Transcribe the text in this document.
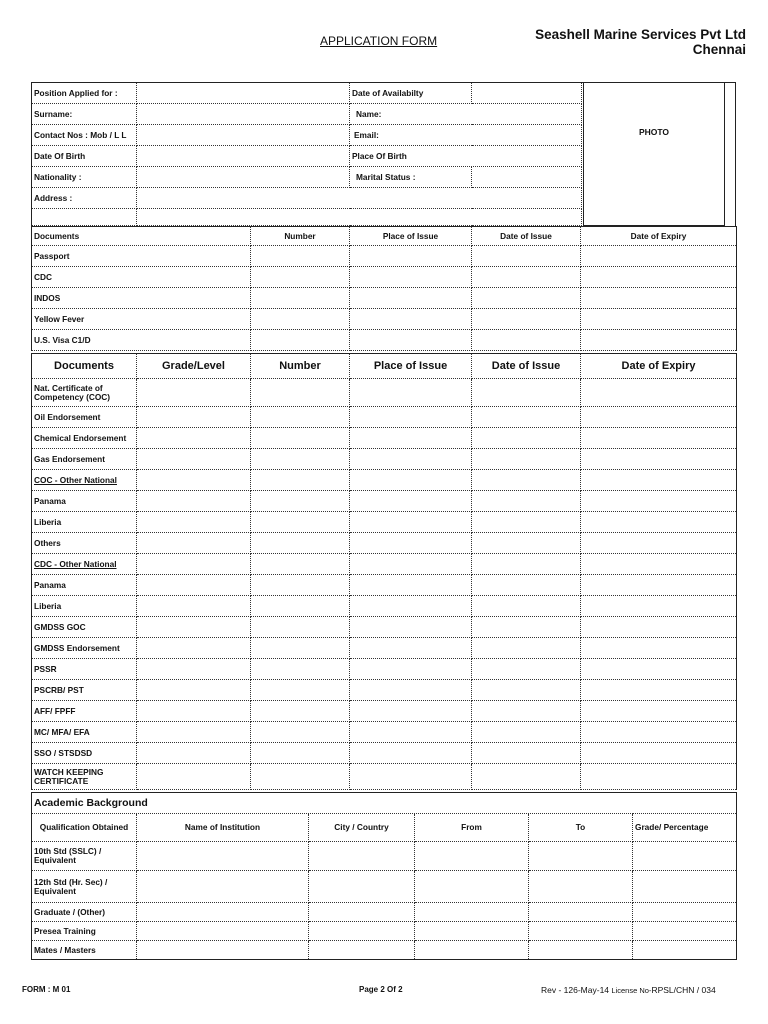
APPLICATION FORM	Seashell Marine Services Pvt Ltd
Chennai
Position Applied for :		Date of Availabilty	
Surname:		Name:	
Contact Nos : Mob / L L		Email:	
Date Of Birth		Place Of Birth	
Nationality :		Marital Status :	
Address :			

PHOTO
Documents	Number	Place of Issue	Date of Issue	Date of Expiry
Passport				
CDC				
INDOS				
Yellow Fever				
U.S. Visa C1/D				
Documents	Grade/Level	Number	Place of Issue	Date of Issue	Date of Expiry
Nat. Certificate of Competency (COC)					
Oil Endorsement					
Chemical Endorsement					
Gas Endorsement					
COC - Other National					
Panama					
Liberia					
Others					
CDC - Other National					
Panama					
Liberia					
GMDSS GOC					
GMDSS Endorsement					
PSSR					
PSCRB/ PST					
AFF/ FPFF					
MC/ MFA/ EFA					
SSO / STSDSD					
WATCH KEEPING CERTIFICATE					
Academic Background					
Qualification Obtained	Name of Institution	City / Country	From	To	Grade/ Percentage
10th Std (SSLC) / Equivalent					
12th Std (Hr. Sec) / Equivalent					
Graduate / (Other)					
Presea Training					
Mates / Masters					
FORM : M 01	Page 2 Of 2	Rev - 126-May-14 License No-RPSL/CHN / 034
